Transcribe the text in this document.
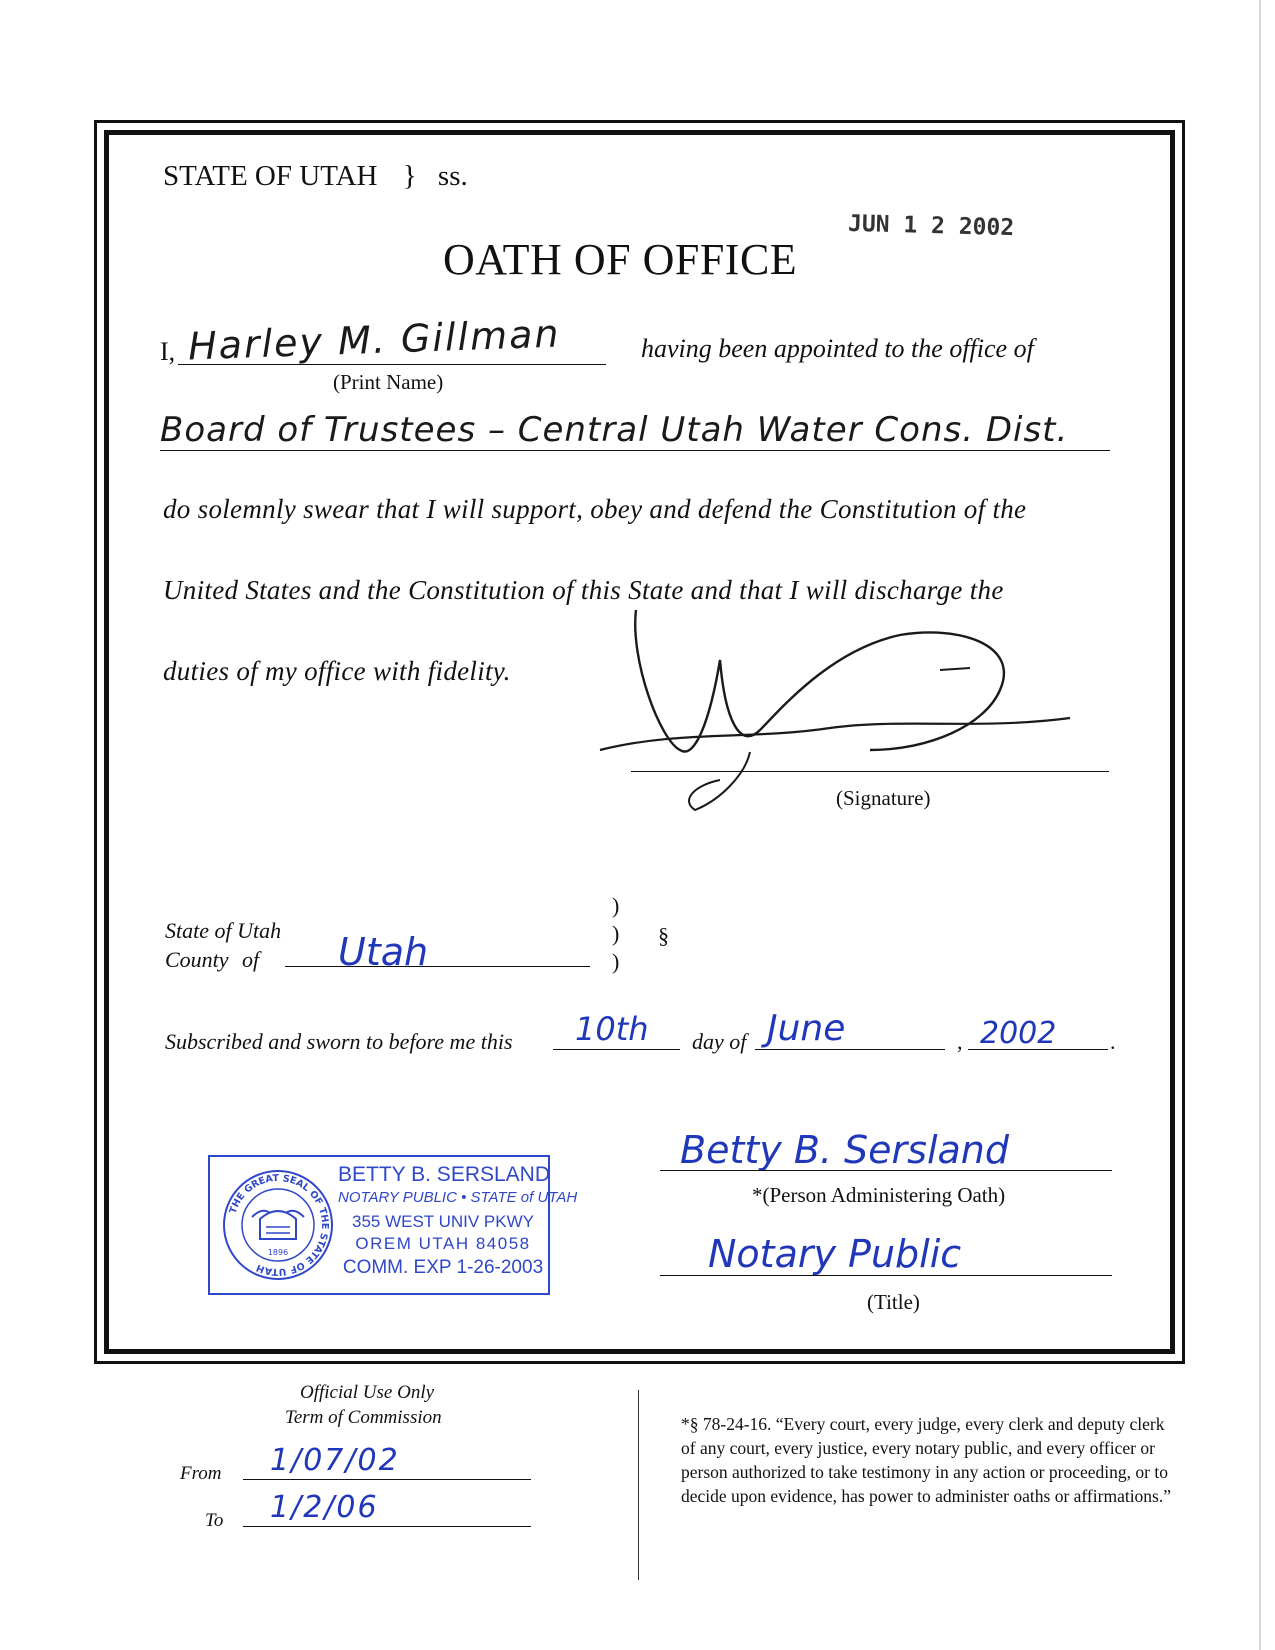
STATE OF UTAH } ss.
JUN 1 2 2002
OATH OF OFFICE
I, Harley M. Gillman	having been appointed to the office of
(Print Name)
Board of Trustees – Central Utah Water Cons. Dist.
do solemnly swear that I will support, obey and defend the Constitution of the
United States and the Constitution of this State and that I will discharge the
duties of my office with fidelity.
(Signature)
State of Utah
County of Utah
)
)
)
§
Subscribed and sworn to before me this 10th day of June	, 2002 .
THE GREAT SEAL OF THE STATE OF UTAH
1896
BETTY B. SERSLAND
NOTARY PUBLIC • STATE of UTAH
355 WEST UNIV PKWY
OREM UTAH 84058
COMM. EXP 1-26-2003
Betty B. Sersland
*(Person Administering Oath)
Notary Public
(Title)
Official Use Only
Term of Commission
From 1/07/02
To 1/2/06
*§ 78-24-16. “Every court, every judge, every clerk and deputy clerk of any court, every justice, every notary public, and every officer or person authorized to take testimony in any action or proceeding, or to decide upon evidence, has power to administer oaths or affirmations.”
